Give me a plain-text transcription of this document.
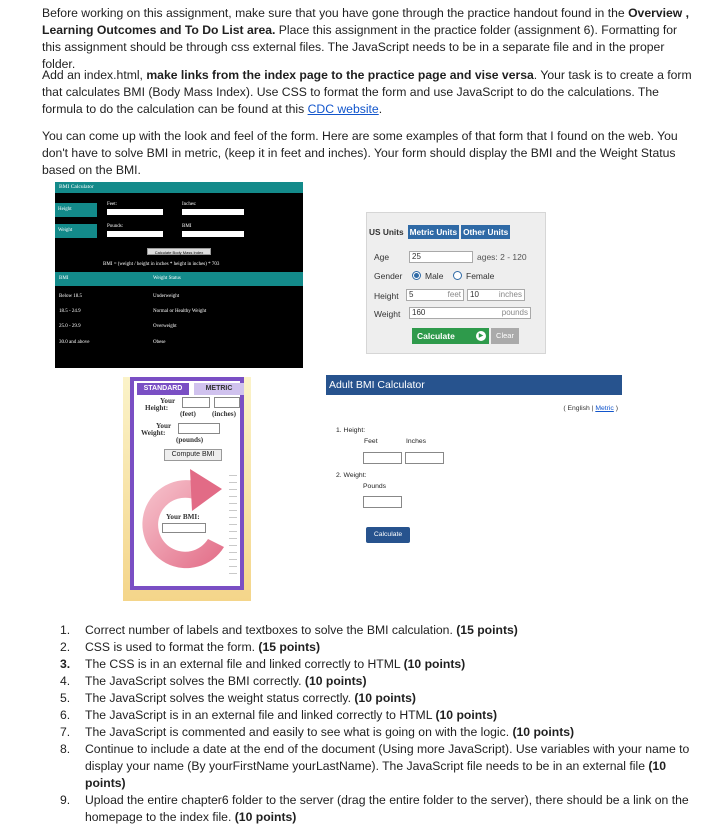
Before working on this assignment, make sure that you have gone through the practice handout found in the Overview , Learning Outcomes and To Do List area. Place this assignment in the practice folder (assignment 6). Formatting for this assignment should be through css external files. The JavaScript needs to be in a separate file and in the proper folder.

Add an index.html, make links from the index page to the practice page and vise versa. Your task is to create a form that calculates BMI (Body Mass Index). Use CSS to format the form and use JavaScript to do the calculations. The formula to do the calculation can be found at this CDC website.

You can come up with the look and feel of the form. Here are some examples of that form that I found on the web. You don't have to solve BMI in metric, (keep it in feet and inches). Your form should display the BMI and the Weight Status based on the BMI.

BMI Calculator
Height
Feet:	Inches:
Weight
Pounds:	BMI
Calculate Body Mass Index
BMI = (weight / height in inches * height in inches) * 703
BMI	Weight Status
Below 18.5	Underweight
18.5 - 24.9	Normal or Healthy Weight
25.0 - 29.9	Overweight
30.0 and above	Obese
US Units Metric Units Other Units
Age	25	ages: 2 - 120
Gender	Male	Female
Height	5	feet	10 inches
Weight	160	pounds
Calculate	▶	Clear
STANDARD	METRIC
Your
Height:
(feet) (inches)
Your
Weight:
(pounds)
Compute BMI
Your BMI:
Adult BMI Calculator
( English | Metric )
1. Height:
Feet	Inches
2. Weight:
Pounds
Calculate
1. Correct number of labels and textboxes to solve the BMI calculation. (15 points)
2. CSS is used to format the form. (15 points)
3. The CSS is in an external file and linked correctly to HTML (10 points)
4. The JavaScript solves the BMI correctly. (10 points)
5. The JavaScript solves the weight status correctly. (10 points)
6. The JavaScript is in an external file and linked correctly to HTML (10 points)
7. The JavaScript is commented and easily to see what is going on with the logic. (10 points)
8. Continue to include a date at the end of the document (Using more JavaScript). Use variables with your name to display your name (By yourFirstName yourLastName). The JavaScript file needs to be in an external file (10 points)
9. Upload the entire chapter6 folder to the server (drag the entire folder to the server), there should be a link on the homepage to the index file. (10 points)
